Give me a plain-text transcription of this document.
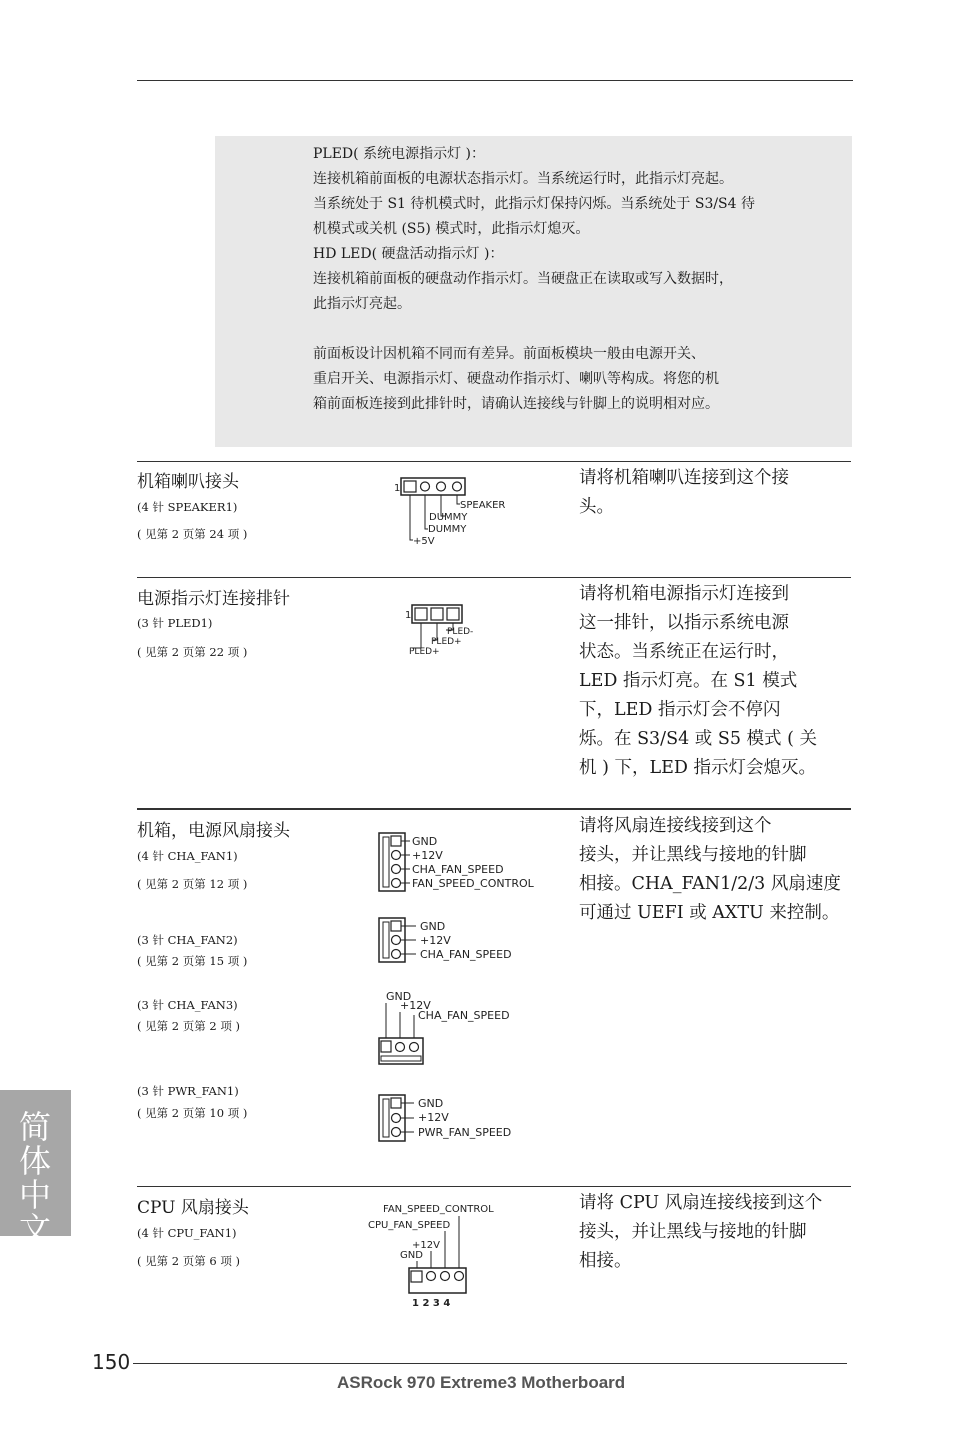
PLED( 系统电源指示灯 )：
连接机箱前面板的电源状态指示灯。当系统运行时，此指示灯亮起。
当系统处于 S1 待机模式时，此指示灯保持闪烁。当系统处于 S3/S4 待
机模式或关机 (S5) 模式时，此指示灯熄灭。
HD LED( 硬盘活动指示灯 )：
连接机箱前面板的硬盘动作指示灯。当硬盘正在读取或写入数据时，
此指示灯亮起。
前面板设计因机箱不同而有差异。前面板模块一般由电源开关、
重启开关、电源指示灯、硬盘动作指示灯、喇叭等构成。将您的机
箱前面板连接到此排针时，请确认连接线与针脚上的说明相对应。
机箱喇叭接头
(4 针 SPEAKER1)
( 见第 2 页第 24 项 )
1
SPEAKER
DUMMY
DUMMY
+5V
请将机箱喇叭连接到这个接
头。
电源指示灯连接排针
(3 针 PLED1)
( 见第 2 页第 22 项 )
1
PLED-
PLED+
PLED+
请将机箱电源指示灯连接到
这一排针，以指示系统电源
状态。当系统正在运行时，
LED 指示灯亮。在 S1 模式
下，LED 指示灯会不停闪
烁。在 S3/S4 或 S5 模式 ( 关
机 ) 下，LED 指示灯会熄灭。
机箱，电源风扇接头
(4 针 CHA_FAN1)
( 见第 2 页第 12 项 )
(3 针 CHA_FAN2)
( 见第 2 页第 15 项 )
(3 针 CHA_FAN3)
( 见第 2 页第 2 项 )
(3 针 PWR_FAN1)
( 见第 2 页第 10 项 )
GND
+12V
CHA_FAN_SPEED
FAN_SPEED_CONTROL
GND
+12V
CHA_FAN_SPEED
GND
+12V
CHA_FAN_SPEED
GND
+12V
PWR_FAN_SPEED
请将风扇连接线接到这个
接头，并让黑线与接地的针脚
相接。CHA_FAN1/2/3 风扇速度
可通过 UEFI 或 AXTU 来控制。
CPU 风扇接头
(4 针 CPU_FAN1)
( 见第 2 页第 6 项 )
FAN_SPEED_CONTROL
CPU_FAN_SPEED
+12V
GND
1 2 3 4
请将 CPU 风扇连接线接到这个
接头，并让黑线与接地的针脚
相接。
简体中文
150
ASRock 970 Extreme3 Motherboard
